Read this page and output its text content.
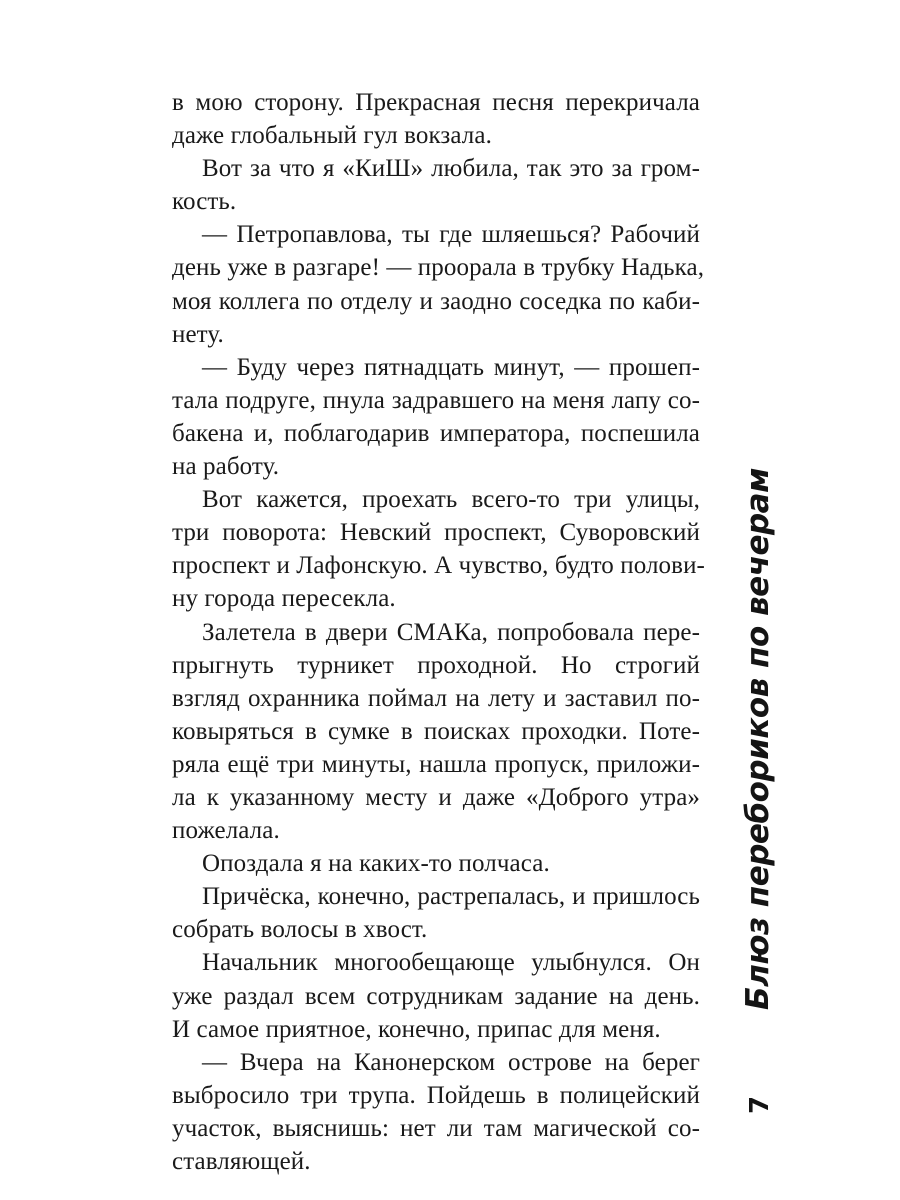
в мою сторону. Прекрасная песня перекричала
даже глобальный гул вокзала.
Вот за что я «КиШ» любила, так это за гром-
кость.
— Петропавлова, ты где шляешься? Рабочий
день уже в разгаре! — проорала в трубку Надька,
моя коллега по отделу и заодно соседка по каби-
нету.
— Буду через пятнадцать минут, — прошеп-
тала подруге, пнула задравшего на меня лапу со-
бакена и, поблагодарив императора, поспешила
на работу.
Вот кажется, проехать всего-то три улицы,
три поворота: Невский проспект, Суворовский
проспект и Лафонскую. А чувство, будто полови-
ну города пересекла.
Залетела в двери СМАКа, попробовала пере-
прыгнуть турникет проходной. Но строгий
взгляд охранника поймал на лету и заставил по-
ковыряться в сумке в поисках проходки. Поте-
ряла ещё три минуты, нашла пропуск, приложи-
ла к указанному месту и даже «Доброго утра»
пожелала.
Опоздала я на каких-то полчаса.
Причёска, конечно, растрепалась, и пришлось
собрать волосы в хвост.
Начальник многообещающе улыбнулся. Он
уже раздал всем сотрудникам задание на день.
И самое приятное, конечно, припас для меня.
— Вчера на Канонерском острове на берег
выбросило три трупа. Пойдешь в полицейский
участок, выяснишь: нет ли там магической со-
ставляющей.
Блюз перебориков по вечерам
7
